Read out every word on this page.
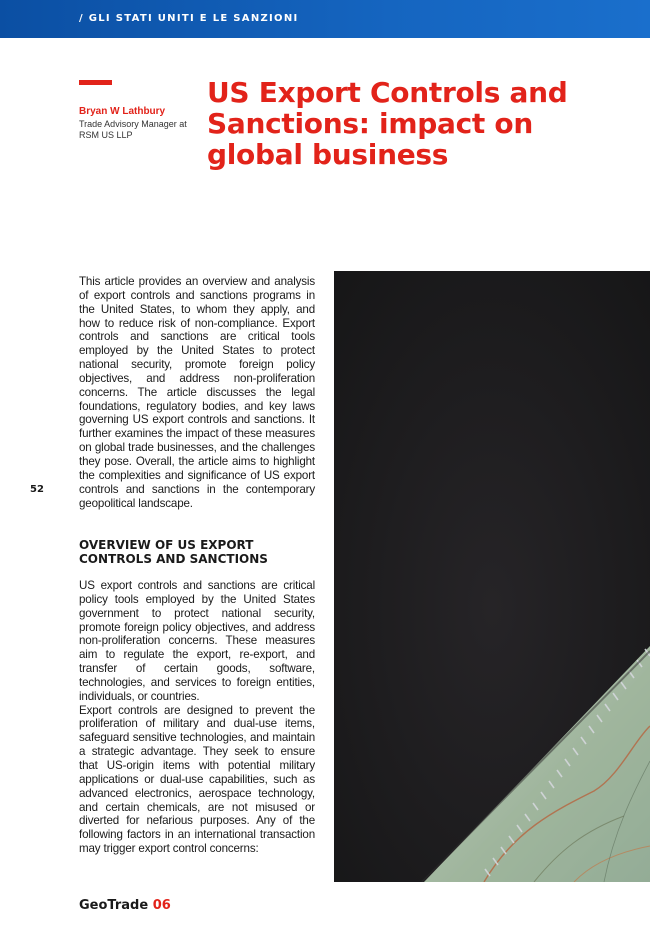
/ GLI STATI UNITI E LE SANZIONI
Bryan W Lathbury
Trade Advisory Manager at RSM US LLP
US Export Controls and Sanctions: impact on global business
This article provides an overview and analysis of export controls and sanctions programs in the United States, to whom they apply, and how to reduce risk of non-compliance. Export controls and sanctions are critical tools employed by the United States to protect national security, promote foreign policy objectives, and address non-proliferation concerns. The article discusses the legal foundations, regulatory bodies, and key laws governing US export controls and sanctions. It further examines the impact of these measures on global trade businesses, and the challenges they pose. Overall, the article aims to highlight the complexities and significance of US export controls and sanctions in the contemporary geopolitical landscape.
52
OVERVIEW OF US EXPORT CONTROLS AND SANCTIONS

US export controls and sanctions are critical policy tools employed by the United States government to protect national security, promote foreign policy objectives, and address non-proliferation concerns. These measures aim to regulate the export, re-export, and transfer of certain goods, software, technologies, and services to foreign entities, individuals, or countries.

Export controls are designed to prevent the proliferation of military and dual-use items, safeguard sensitive technologies, and maintain a strategic advantage. They seek to ensure that US-origin items with potential military applications or dual-use capabilities, such as advanced electronics, aerospace technology, and certain chemicals, are not misused or diverted for nefarious purposes. Any of the following factors in an international transaction may trigger export control concerns:

GeoTrade 06
